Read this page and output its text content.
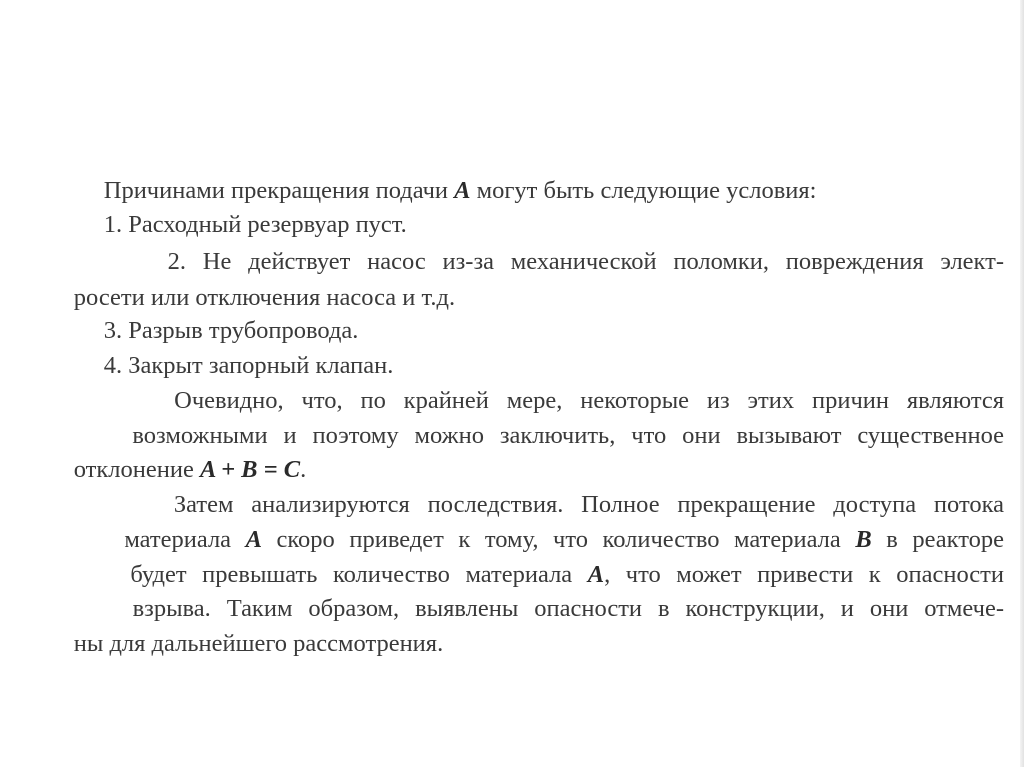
Причинами прекращения подачи A могут быть следующие условия:

1. Расходный резервуар пуст.

2. Не действует насос из-за механической поломки, повреждения элект-

росети или отключения насоса и т.д.

3. Разрыв трубопровода.

4. Закрыт запорный клапан.

Очевидно, что, по крайней мере, некоторые из этих причин являются

возможными и поэтому можно заключить, что они вызывают существенное

отклонение A + B = C.

Затем анализируются последствия. Полное прекращение доступа потока

материала A скоро приведет к тому, что количество материала B в реакторе

будет превышать количество материала A, что может привести к опасности

взрыва. Таким образом, выявлены опасности в конструкции, и они отмече-

ны для дальнейшего рассмотрения.
